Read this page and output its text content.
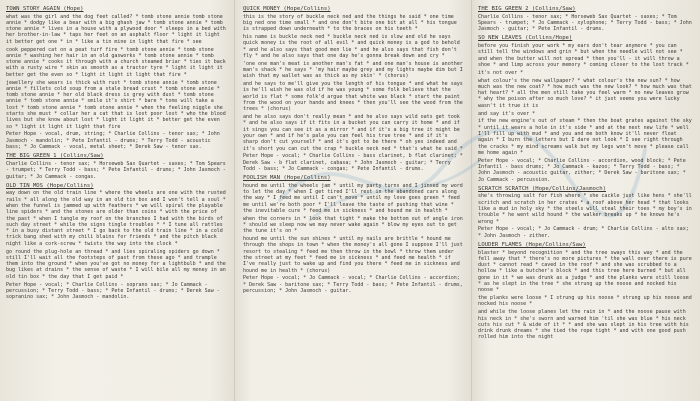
TOWN STORY AGAIN (Hope)
what was the girl and the dog feet called? * tomb stone annie tomb stone annie * dodgy like a bear with a big ghash jaw * tomb stone annie * tomb stone annie * lives in a house with a plywood door * sleeps in a bed with her brother-in-law * taps her feet on an asphalt floor * light it light it better get one * in * like a tin mine in light that fire * see
cook peppered cat on a peat turf fire * tomb stone annie * tomb stone annie * washing her hair in an old gasworks * tomb stone annie * tomb stone annie * cooks it through with a church steamed briar * ties it back with a rusty wire * skin as smooth as a tractor tyre * light it light it better get the even so * light it light it light that fire *
jewellery she wears is thick with rust * tomb stone annie * tomb stone annie * fillets cold soup from a stale bread crust * tomb stone annie * tomb stone annie * her old black dress is grey with dust * tomb stone annie * tomb stone annie * smile it's shirt * bare * toms will take a lost * tomb stone annie * tomb stone annie * when the feeling niggle she starts she must * collar her a cat that is lost poor lost * who the blood lives but she know about lost * light it light it * better get the even so * light it light it light that fire
Peter Hope - vocal, drum, string; * Charlie Collins - tenor sax; * John Jasmoch - mandolin; * Pete Infantil - drums; * Terry Todd - acoustic bass; * Jo Cammack - vocal, metal sheet; * Derek Saw - tenor sax.
THE BIG GREEN 1 (Collins/Saw)
Charlie Collins - tenor sax; * Horseweb Sax Quartet - saxes; * Tom Spears - trumpet; * Terry Todd - bass; * Pete Infantil - drums; * John Jasmoch - guitar; * Jo Cammack - congas.
OLD TIN MOS (Hope/Collins)
way down on the old train line * where the wheels are one with the rusted rails * all along the old way in an old tin box and I won't tell a soul * when the funnel is jammed up with feathers * we will spiral the playable line spiders * and the stones are older than coins * with the price of the past * when I tangle my roof on the branches I had with the birds of such day street * while the signs tingle troubles * * I tune all rattles * in a busy distant street * I go back to the old train line * in a cold trick bang shed with my chili blains for friends * and the pitch black night like a cork-screw * twists the way into the clock *
go round the plug-hole an thread * and lies spiraling spiders go down * still I'll wait all the footsteps of past from these ago * and trample them into the ground * when you've got no money for a lightbulb * and the bug likes at drains * the sense of waste * I will bile all my money in an old tin box * the day that I get paid *
Peter Hope - vocal; * Charlie Collins - soprano sax; * Jo Cammack - percussion; * Terry Todd - bass; * Pete Infantil - drums; * Derek Saw - sopranino sax; * John Jasmoch - mandolin.
QUICK MONEY (Hope/Collins)
this is the story of buckle neck ned and the things he said * one time big ned one time small * and one don't bite one bit at all * his tongue is strapped down underneath * to the braces on his teeth *
his name is buckle neck ned * buckle neck ned is slow and old he says quick money is the root of all evil * and quick money is a god to behold * and he also says that good men lie * and he also says that fish don't fly * and he also says that one day he's gonna break down and cry *
'one one man's meat is another man's fat * and one man's house is another man's shack * he says * 'my hair maybe grey and my lights maybe dim but I wish that my wallet was as thick as my skin' * (chorus)
and he says to me'll give you the length of his tongue * and what he says is he'll wish he was old if he was young * some folk believe that the world is flat * some folk'd argue that white was black * start the paint from the wood on your hands and knees * then you'll see the wood from the trees * (chorus)
and he also says don't really mean * and he also says wild oats get took * and he also says if it fits in a bucket you can carry it home * and if it sings you can see it as a mirror * and if it's a big tree it might be your own * and if he's pale you can feel his true tree * and if it's sharp don't cut yourself * and it's got to be there * oh yes indeed and it's short you can cut the crap * buckle neck ned * that's what he said *
Peter Hope - vocal; * Charlie Collins - bass clarinet, b flat clarinet; * Derek Saw - b flat clarinet, cabasa; * John Jasmoch - guitar; * Terry Todd - bass; * Jo Cammack - congas; * Pete Infantil - drums.
FOOLISH MAN (Hope/Collins)
hound me until the wheels jam * until my party turns and I jinxed my word to let the day * when I get tired I'll rest in the abandoned cars along the way * I feed me until I can't move * until my love goes green * feed me until we're both poor * I'll leave the taste of pushing that wine * the inevitable cure * feed me in sickness * and hound me in health *
when the corners in * look that tight * make the bottom out of angle iron * should we sleep now we may never wake again * blow my eyes out to get the tune it's on *
hound me until the sun shines * until my nails are brittle * hound me through the shops in town * when the money's all gone I suppose I'll just resort to stealing * feed me then throw in the bowl * throw them under the street at my feet * feed me in sickness * and feed me health * if I've really just to wake up and find you there * feed me in sickness and hound me in health * (chorus)
Peter Hope - vocal; * Jo Cammack - vocal; * Charlie Collins - accordion; * Derek Saw - baritone sax; * Terry Todd - bass; * Pete Infantil - drums, percussion; * John Jasmoch - guitar.
THE BIG GREEN 2 (Collins/Saw)
Charlie Collins - tenor sax; * Horseweb Sax Quartet - saxes; * Tom Spears - trumpet; * Jo Cammack - xylophone; * Terry Todd - bass; * John Jasmoch - guitar; * Pete Infantil - drums.
SO NEW LEAVES (Collins/Hope)
before you finish your work * my ears don't tear anymore * you can still tell the windows and grin * but when the needle will not see * and when the butter will not spread * then you'll - it will throw a shoe * and limp across your memory * coming closer to the lost track *
it's not over *
what colour's the new wallpaper? * what colour's the new sun? * how much was the new coat? * how much was the new look? * how much was that hat heart? * all the men still take you feel warm * no new leaves grow * why the poison after so much love? * it just seems you were lucky wasn't it true it is
and say it's over *
if the new engine's out of steam * then the boat grates against the sky * until it wears a hole in it's side * and at the next new life * well I'll fill up with mud * and you and me both know it'll never float again * I burn the letters but I dare not look * I see right through the cracks * my mind screams walk but my legs won't move * please call me home again *
Peter Hope - vocal; * Charlie Collins - accordion, wood block; * Pete Infantil - bass drums; * Jo Cammack - kazoo; * Terry Todd - bass; * John Jasmoch - acoustic guitar, zither; * Derek Saw - baritone sax; * Jo Cammack - percussion.
SCRATCH SCRATCH (Hope/Collins/Jasmoch)
she's throwing salt for fish where * she cackle just like hens * she'll scritch and scratch in her crates * a roof above her head * that looks like a mud in holy sky * the steels will steal their toes * my boy's in trouble * he went wild hound * the walker breaks up * he knows he's wrong *
Peter Hope - vocal; * Jo Cammack - drum; * Charlie Collins - alto sax; * John Jasmoch - zither.
LOUDER FLAMES (Hope/Collins/Saw)
blaster * beyond recognition * and the tree sways this way * and the fell away that * there's no more pictures * the wall over there is pure dust * cannot read * caved in the roof * and she was scrubbed to a hollow * like a butcher's block * and this tree here burned * but all gone in it * we was drunk as a judge * and the planks were still loose * as he slept in the tree * she strung up the noose and nocked his noose *
the planks were loose * I strung up his noose * strung up his noose and nocked his noose *
and while the loose planes let the rain in * and the noose pause with his neck in * she's sworn and warned him 'til she was blue * his neck cuts his cut * & wide of it * * and she was slept in his tree with his drink drunk dreams * she tied the rope tight * and with one good push rolled him into the night
